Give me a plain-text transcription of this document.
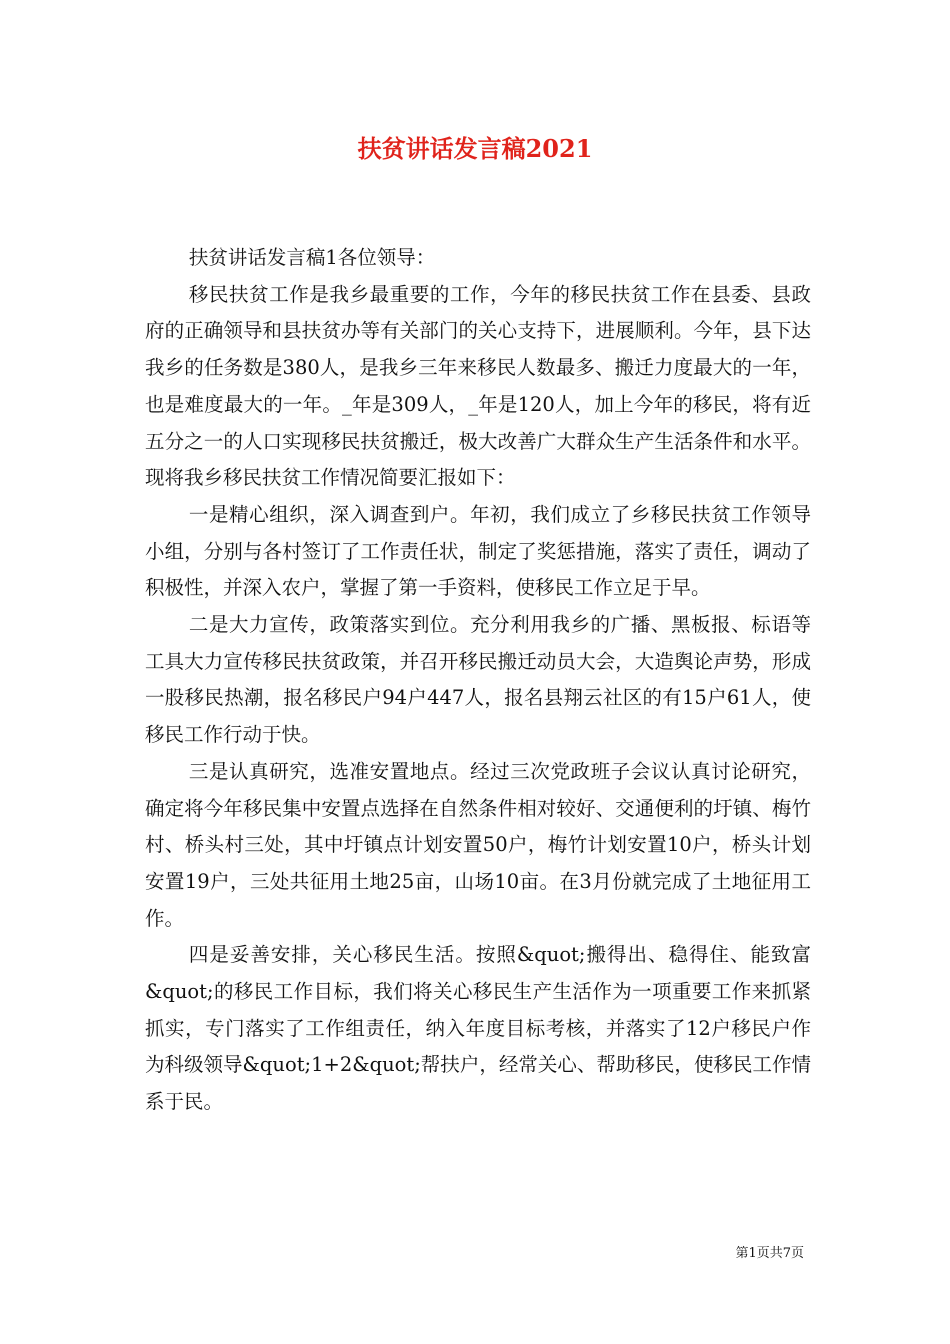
扶贫讲话发言稿2021

扶贫讲话发言稿1各位领导：

移民扶贫工作是我乡最重要的工作，今年的移民扶贫工作在县委、县政府的正确领导和县扶贫办等有关部门的关心支持下，进展顺利。今年，县下达我乡的任务数是380人，是我乡三年来移民人数最多、搬迁力度最大的一年，也是难度最大的一年。_年是309人，_年是120人，加上今年的移民，将有近五分之一的人口实现移民扶贫搬迁，极大改善广大群众生产生活条件和水平。现将我乡移民扶贫工作情况简要汇报如下：

一是精心组织，深入调查到户。年初，我们成立了乡移民扶贫工作领导小组，分别与各村签订了工作责任状，制定了奖惩措施，落实了责任，调动了积极性，并深入农户，掌握了第一手资料，使移民工作立足于早。

二是大力宣传，政策落实到位。充分利用我乡的广播、黑板报、标语等工具大力宣传移民扶贫政策，并召开移民搬迁动员大会，大造舆论声势，形成一股移民热潮，报名移民户94户447人，报名县翔云社区的有15户61人，使移民工作行动于快。

三是认真研究，选准安置地点。经过三次党政班子会议认真讨论研究，确定将今年移民集中安置点选择在自然条件相对较好、交通便利的圩镇、梅竹村、桥头村三处，其中圩镇点计划安置50户，梅竹计划安置10户，桥头计划安置19户，三处共征用土地25亩，山场10亩。在3月份就完成了土地征用工作。

四是妥善安排，关心移民生活。按照&quot;搬得出、稳得住、能致富&quot;的移民工作目标，我们将关心移民生产生活作为一项重要工作来抓紧抓实，专门落实了工作组责任，纳入年度目标考核，并落实了12户移民户作为科级领导&quot;1+2&quot;帮扶户，经常关心、帮助移民，使移民工作情系于民。

第1页共7页
